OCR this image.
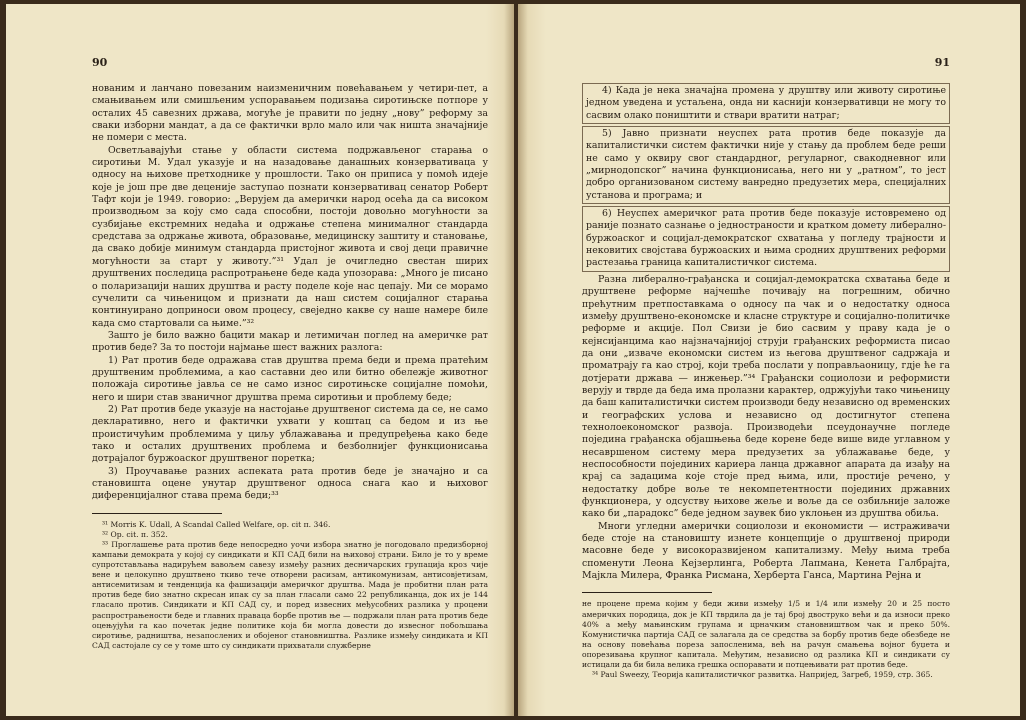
90

нованим и ланчано повезаним наизменичним повећавањем у четири-пет, а смањивањем или смишљеним успоравањем подизања сиротињске потпоре у осталих 45 савезних држава, могуће је правити по једну „нову” реформу за сваки изборни мандат, а да се фактички врло мало или чак ништа значајније не помери с места.

Осветљавајући стање у области система подржављеног старања о сиротињи М. Удал указује и на назадовање данашњих конзервативаца у односу на њихове претходнике у прошлости. Тако он приписа у помоћ идеје које је још пре две деценије заступао познати конзервативац сенатор Роберт Тафт који је 1949. говорио: „Верујем да амерички народ осећа да са високом производњом за коју смо сада способни, постоји довољно могућности за сузбијање екстремних недаћа и одржање степена минималног стандарда средстава за одржање живота, образовање, медицинску заштиту и становање, да свако добије минимум стандарда пристојног живота и свој деци правичне могућности за старт у животу.”³¹ Удал је очигледно свестан ширих друштвених последица распротрањене беде када упозорава: „Много је писано о поларизацији наших друштва и расту поделе које нас цепају. Ми се морамо сучелити са чињеницом и признати да наш систем социјалног старања континуирано доприноси овом процесу, свеједно какве су наше намере биле када смо стартовали са њиме.”³²

Зашто је било важно бацити макар и летимичан поглед на америчке рат против беде? За то постоји најмање шест важних разлога:

1) Рат против беде одражава став друштва према беди и према пратећим друштвеним проблемима, а као саставни део или битно обележје животног положаја сиротиње јавља се не само износ сиротињске социјалне помоћи, него и шири став званичног друштва према сиротињи и проблему беде;

2) Рат против беде указује на настојање друштвеног система да се, не само декларативно, него и фактички ухвати у коштац са бедом и из ње проистичућим проблемима у циљу ублажавања и предупређења како беде тако и осталих друштвених проблема и безболнијег функционисања дотрајалог буржоаског друштвеног поретка;

3) Проучавање разних аспеката рата против беде је значајно и са становишта оцене унутар друштвеног односа снага као и њиховог диференцијалног става према беди;³³

³¹ Morris K. Udall, A Scandal Called Welfare, op. cit п. 346.

³² Op. cit. п. 352.

³³ Проглашење рата против беде непосредно уочи избора знатно је погодовало предизборној кампањи демократа у којој су синдикати и КП САД били на њиховој страни. Било је то у време супротстављања надирућем вавољем савезу између разних десничарских групација кроз чије вене и целокупно друштвено ткиво тече отворени расизам, антикомунизам, антисовјетизам, антисемитизам и тенденција ка фашизацији америчког друштва. Мада је пробитни план рата против беде био знатно скресан ипак су за план гласали само 22 републиканца, док их је 144 гласало против. Синдикати и КП САД су, и поред извесних међусобних разлика у процени распрострањености беде и главних праваца борбе против ње — подржали план рата против беде оцењујући га као почетак једне политике која би могла довести до извесног побољшања сиротиње, радништва, незапослених и обојеног становништва. Разлике између синдиката и КП САД састојале су се у томе што су синдикати прихватали служберне

91

4) Када је нека значајна промена у друштву или животу сиротиње једном уведена и устаљена, онда ни каснији конзервативци не могу то сасвим олако поништити и ствари вратити натраг;

5) Јавно признати неуспех рата против беде показује да капиталистички систем фактички није у стању да проблем беде реши не само у оквиру свог стандардног, регуларног, свакодневног или „мирнодопског” начина функционисања, него ни у „ратном”, то јест добро организованом систему ванредно предузетих мера, специјалних установа и програма; и

6) Неуспех америчког рата против беде показује истовремено од раније познато сазнање о једностраности и кратком домету либерално-буржоаског и социјал-демократског схватања у погледу трајности и нековитих својстава буржоаских и њима сродних друштвених реформи растезања граница капиталистичког система.

Разна либерално-грађанска и социјал-демократска схватања беде и друштвене реформе најчешће почивају на погрешним, обично прећутним претпоставкама о односу па чак и о недостатку односа између друштвено-економске и класне структуре и социјално-политичке реформе и акције. Пол Свизи је био сасвим у праву када је о кејнсијанцима као најзначајнијој струји грађанских реформиста писао да они „изваче економски систем из његова друштвеног садржаја и проматрају га као строј, који треба послати у поправљаоницу, гдје ће га дотјерати држава — инжењер.”³⁴ Грађански социолози и реформисти верују и тврде да беда има пролазни карактер, одржујући тако чињеницу да баш капиталистички систем производи беду независно од временских и географских услова и независно од достигнутог степена технолоекономског развоја. Производећи псеудонаучне погледе поједина грађанска објашњења беде корене беде више виде углавном у несавршеном систему мера предузетих за ублажавање беде, у неспособности појединих кариера ланца државног апарата да изађу на крај са задацима које стоје пред њима, или, простије речено, у недостатку добре воље те некомпетентности појединих државних функционера, у одсуству њихове жеље и воље да се озбиљније заложе како би „парадокс” беде једном заувек био уклоњен из друштва обиља.

Многи угледни амерички социолози и економисти — истраживачи беде стоје на становишту изнете концепције о друштвеној природи масовне беде у високоразвијеном капитализму. Међу њима треба споменути Леона Кејзерлинга, Роберта Лапмана, Кенета Галбрајта, Мајкла Милера, Франка Рисмана, Херберта Ганса, Мартина Рејна и

не процене према којим у беди живи између 1/5 и 1/4 или између 20 и 25 посто америчких породица, док је КП тврдила да је тај број двоструко већи и да износи преко 40% а међу мањинским групама и црначким становништвом чак и преко 50%. Комунистичка партија САД се залагала да се средства за борбу против беде обезбеде не на основу повећања пореза запосленима, већ на рачун смањења војног буџета и опорезивања крупног капитала. Међутим, независно од разлика КП и синдикати су истицали да би била велика грешка оспоравати и потцењивати рат против беде.

³⁴ Paul Sweezy, Теорија капиталистичког развитка. Напријед, Загреб, 1959, стр. 365.
